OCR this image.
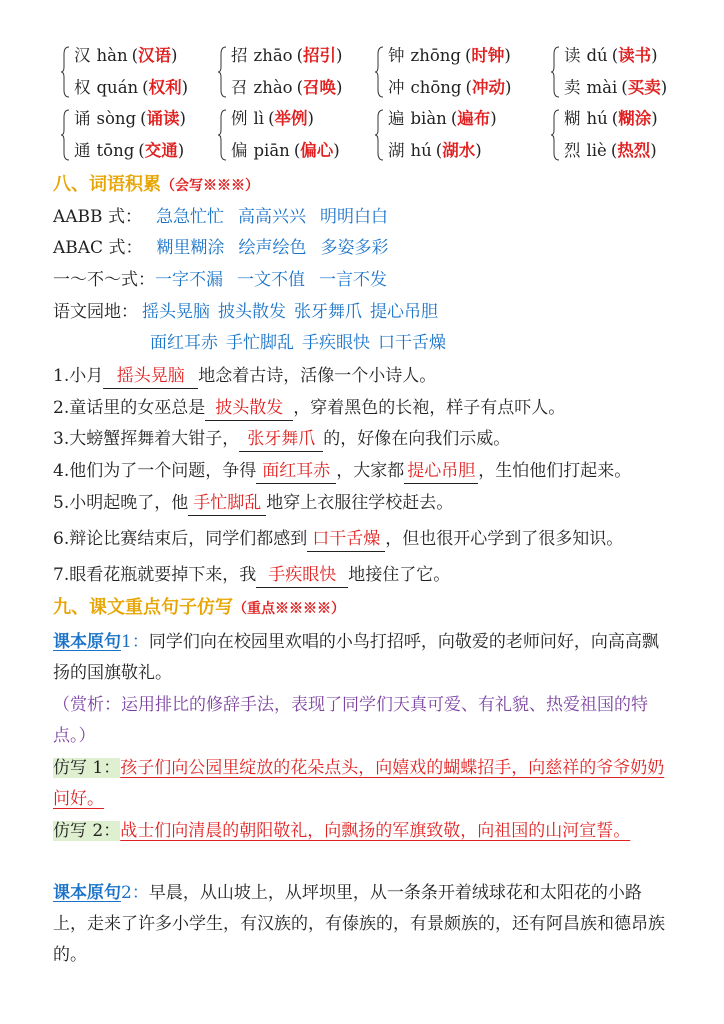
汉 hàn (汉语)
权 quán (权利)
招 zhāo (招引)
召 zhào (召唤)
钟 zhōng (时钟)
冲 chōng (冲动)
读 dú (读书)
卖 mài (买卖)
诵 sòng (诵读)
通 tōng (交通)
例 lì (举例)
偏 piān (偏心)
遍 biàn (遍布)
湖 hú (湖水)
糊 hú (糊涂)
烈 liè (热烈)
八、词语积累（会写※※※）
AABB 式： 急急忙忙 高高兴兴 明明白白
ABAC 式： 糊里糊涂 绘声绘色 多姿多彩
一～不～式：一字不漏 一文不值 一言不发
语文园地： 摇头晃脑 披头散发 张牙舞爪 提心吊胆
面红耳赤 手忙脚乱 手疾眼快 口干舌燥
1.小月 摇头晃脑 地念着古诗，活像一个小诗人。
2.童话里的女巫总是 披头散发 ，穿着黑色的长袍，样子有点吓人。
3.大螃蟹挥舞着大钳子， 张牙舞爪 的，好像在向我们示威。
4.他们为了一个问题，争得 面红耳赤 ，大家都 提心吊胆 ，生怕他们打起来。
5.小明起晚了，他 手忙脚乱 地穿上衣服往学校赶去。
6.辩论比赛结束后，同学们都感到 口干舌燥 ，但也很开心学到了很多知识。
7.眼看花瓶就要掉下来，我 手疾眼快 地接住了它。
九、课文重点句子仿写（重点※※※※）
课本原句1：同学们向在校园里欢唱的小鸟打招呼，向敬爱的老师问好，向高高飘扬的国旗敬礼。
（赏析：运用排比的修辞手法，表现了同学们天真可爱、有礼貌、热爱祖国的特点。）
仿写 1：孩子们向公园里绽放的花朵点头，向嬉戏的蝴蝶招手，向慈祥的爷爷奶奶问好。
仿写 2：战士们向清晨的朝阳敬礼，向飘扬的军旗致敬，向祖国的山河宣誓。
课本原句2：早晨，从山坡上，从坪坝里，从一条条开着绒球花和太阳花的小路上，走来了许多小学生，有汉族的，有傣族的，有景颇族的，还有阿昌族和德昂族的。
